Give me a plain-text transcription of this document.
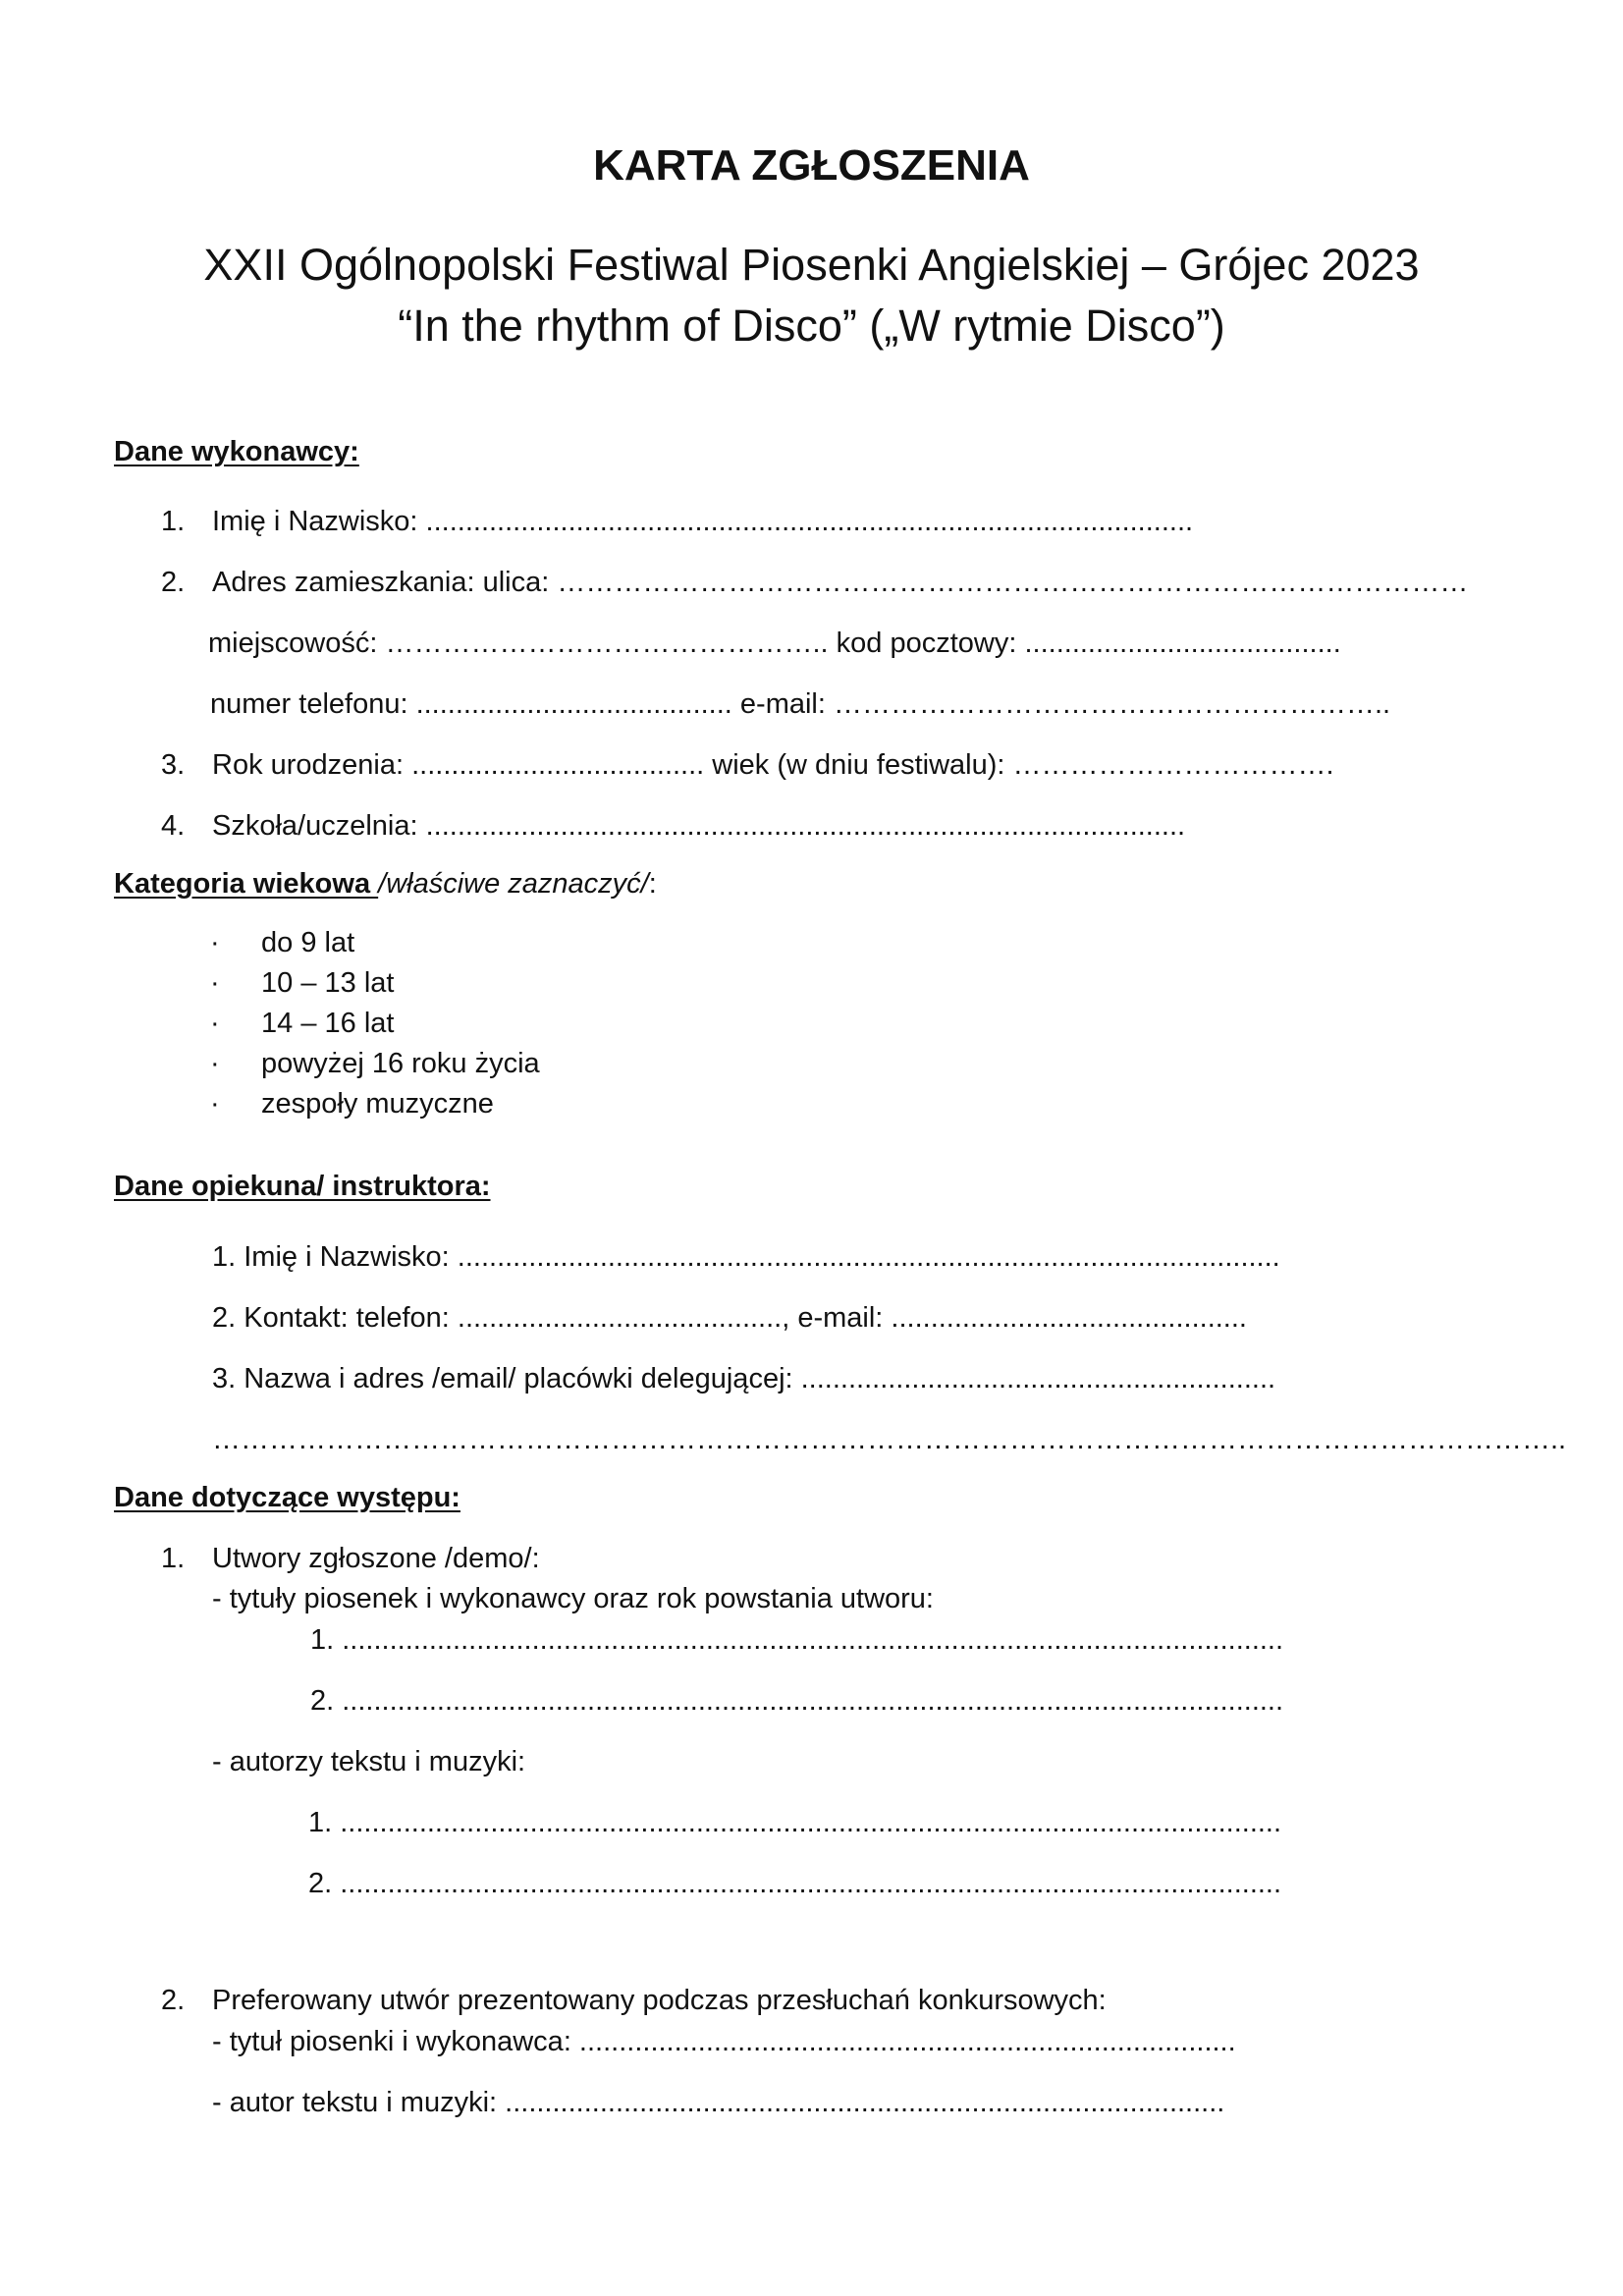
KARTA ZGŁOSZENIA
XXII Ogólnopolski Festiwal Piosenki Angielskiej – Grójec 2023
“In the rhythm of Disco” („W rytmie Disco”)
Dane wykonawcy:
1. Imię i Nazwisko: .................................................................................................
2. Adres zamieszkania: ulica: ……………………………………………………………………………………
miejscowość: ……………………………………….. kod pocztowy: ........................................
numer telefonu: ........................................ e-mail: …………………………………………………..
3. Rok urodzenia: ..................................... wiek (w dniu festiwalu): …………………………….
4. Szkoła/uczelnia: ................................................................................................
Kategoria wiekowa /właściwe zaznaczyć/:
· do 9 lat
· 10 – 13 lat
· 14 – 16 lat
· powyżej 16 roku życia
· zespoły muzyczne
Dane opiekuna/ instruktora:
1. Imię i Nazwisko: ........................................................................................................
2. Kontakt: telefon: ........................................., e-mail: .............................................
3. Nazwa i adres /email/ placówki delegującej: ............................................................
……………………………………………………………………………………………………………………………..
Dane dotyczące występu:
1. Utwory zgłoszone /demo/:
- tytuły piosenek i wykonawcy oraz rok powstania utworu:
1. .......................................................................................................................
2. .......................................................................................................................
- autorzy tekstu i muzyki:
1. .......................................................................................................................
2. .......................................................................................................................
2. Preferowany utwór prezentowany podczas przesłuchań konkursowych:
- tytuł piosenki i wykonawca: ...................................................................................
- autor tekstu i muzyki: ...........................................................................................
